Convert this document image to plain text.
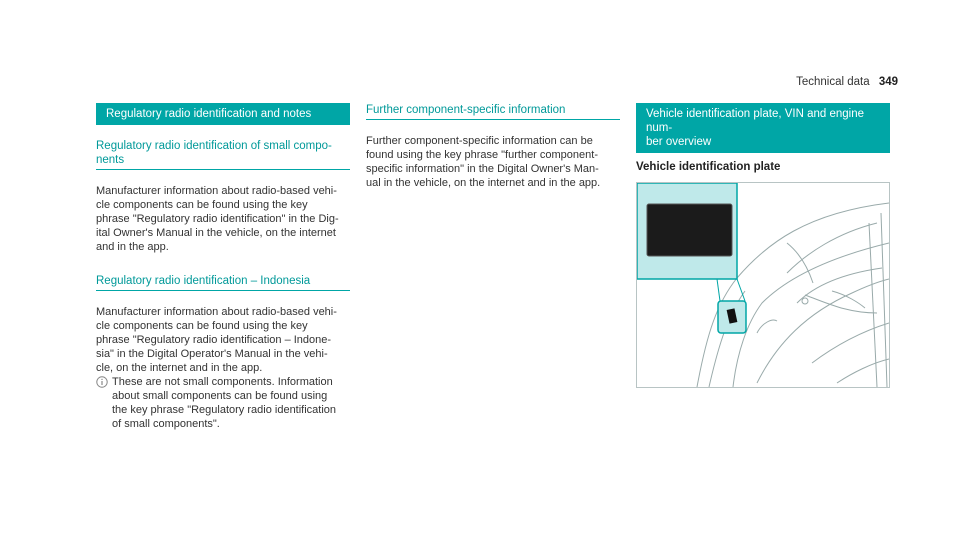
Technical data 349
Regulatory radio identification and notes
Regulatory radio identification of small compo-
nents
Manufacturer information about radio-based vehi-
cle components can be found using the key
phrase "Regulatory radio identification" in the Dig-
ital Owner's Manual in the vehicle, on the internet
and in the app.
Regulatory radio identification – Indonesia
Manufacturer information about radio-based vehi-
cle components can be found using the key
phrase "Regulatory radio identification – Indone-
sia" in the Digital Operator's Manual in the vehi-
cle, on the internet and in the app.
These are not small components. Information
about small components can be found using
the key phrase "Regulatory radio identification
of small components".
Further component-specific information
Further component-specific information can be
found using the key phrase "further component-
specific information" in the Digital Owner's Man-
ual in the vehicle, on the internet and in the app.
Vehicle identification plate, VIN and engine num-
ber overview
Vehicle identification plate
